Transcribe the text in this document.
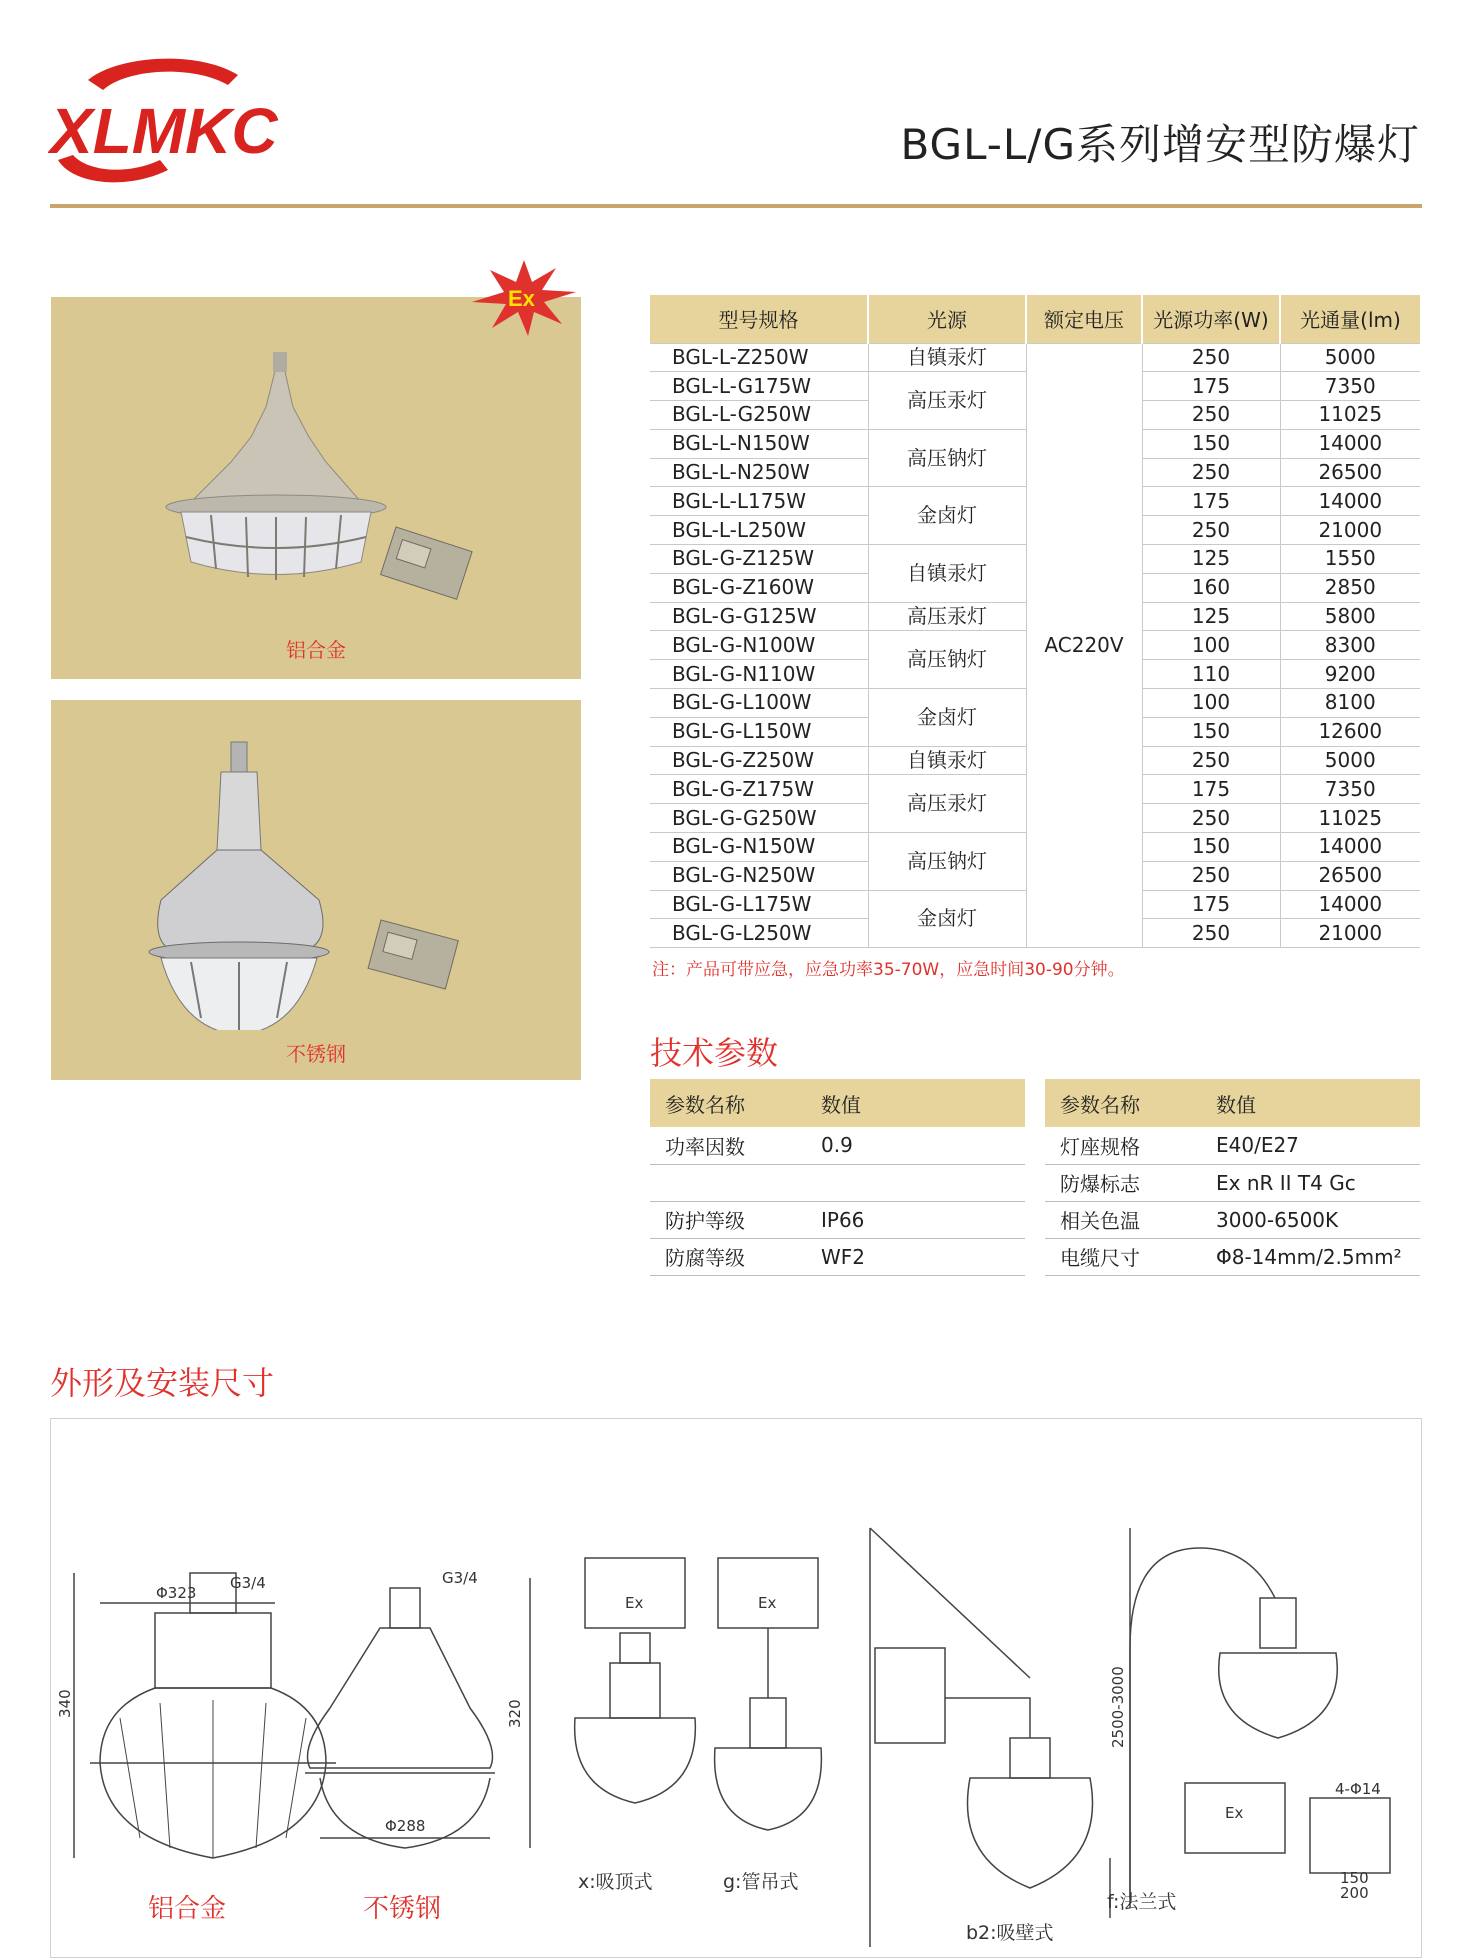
XLMKC	BGL-L/G系列增安型防爆灯
铝合金
Ex
不锈钢
型号规格	光源	额定电压	光源功率(W)	光通量(lm)
BGL-L-Z250W	自镇汞灯	AC220V	250	5000
BGL-L-G175W	高压汞灯		175	7350
BGL-L-G250W			250	11025
BGL-L-N150W	高压钠灯		150	14000
BGL-L-N250W			250	26500
BGL-L-L175W	金卤灯		175	14000
BGL-L-L250W			250	21000
BGL-G-Z125W	自镇汞灯		125	1550
BGL-G-Z160W			160	2850
BGL-G-G125W	高压汞灯		125	5800
BGL-G-N100W	高压钠灯		100	8300
BGL-G-N110W			110	9200
BGL-G-L100W	金卤灯		100	8100
BGL-G-L150W			150	12600
BGL-G-Z250W	自镇汞灯		250	5000
BGL-G-Z175W	高压汞灯		175	7350
BGL-G-G250W			250	11025
BGL-G-N150W	高压钠灯		150	14000
BGL-G-N250W			250	26500
BGL-G-L175W	金卤灯		175	14000
BGL-G-L250W			250	21000
注：产品可带应急，应急功率35-70W，应急时间30-90分钟。
技术参数
参数名称	数值
功率因数	0.9

防护等级	IP66
防腐等级	WF2
参数名称	数值
灯座规格	E40/E27
防爆标志	Ex nR II T4 Gc
相关色温	3000-6500K
电缆尺寸	Φ8-14mm/2.5mm²
外形及安装尺寸
Φ323
G3/4
340
G3/4
320
Φ288
2500-3000
4-Φ14
150
200
Ex	Ex
Ex
铝合金	不锈钢
x:吸顶式	g:管吊式
b2:吸壁式
f:法兰式
